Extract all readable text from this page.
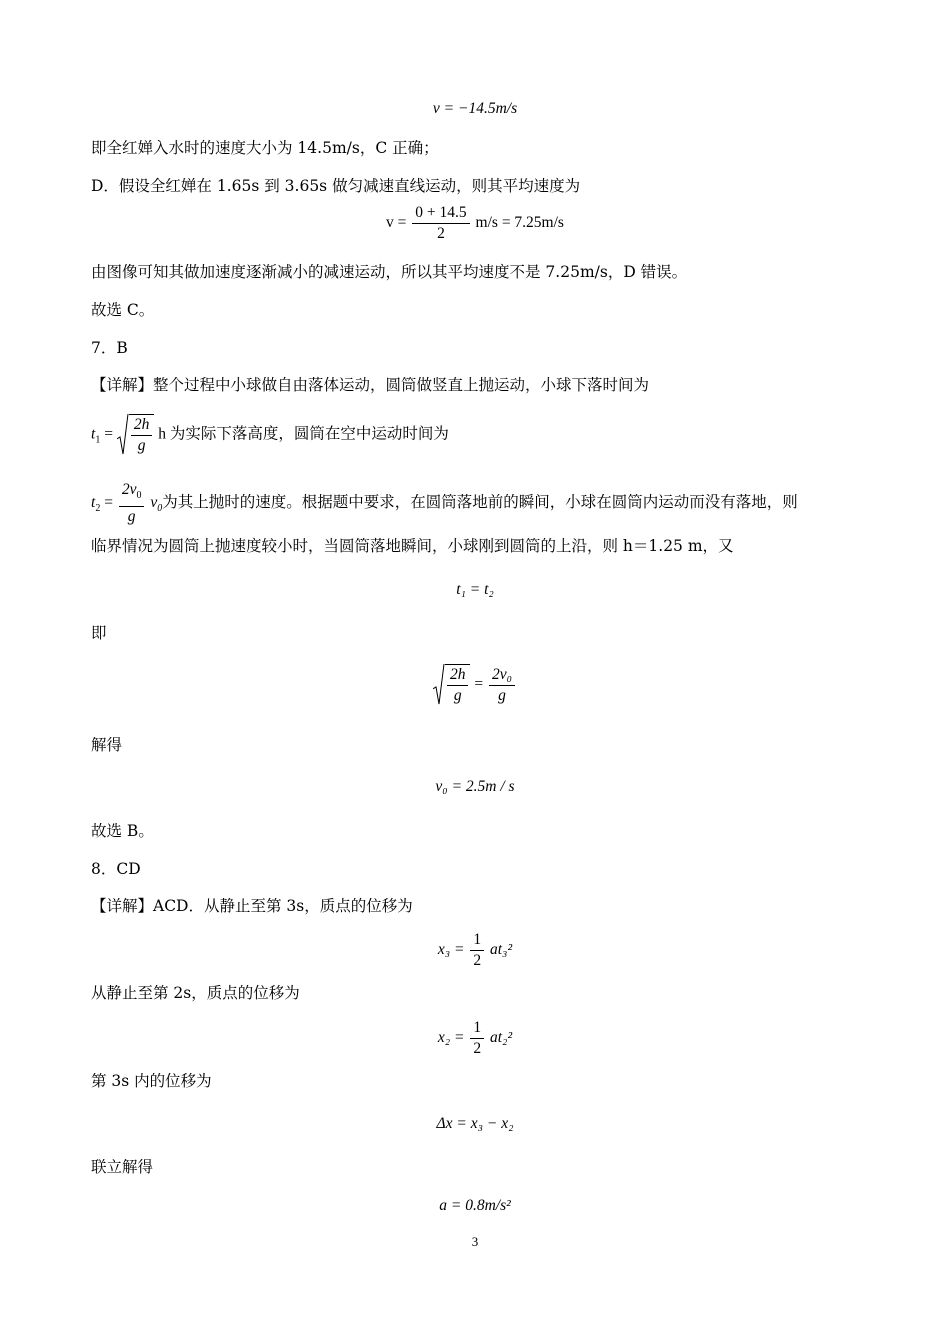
v = −14.5m/s
即全红婵入水时的速度大小为 14.5m/s，C 正确；
D．假设全红婵在 1.65s 到 3.65s 做匀减速直线运动，则其平均速度为
$v = \frac{0 + 14.5}{2} m/s = 7.25m/s$
由图像可知其做加速度逐渐减小的减速运动，所以其平均速度不是 7.25m/s，D 错误。
故选 C。
7．B
【详解】整个过程中小球做自由落体运动，圆筒做竖直上抛运动，小球下落时间为
$t_1 = \frac{2h}{g}$ h 为实际下落高度，圆筒在空中运动时间为
$t_2 = \frac{2v_0}{g} v_0$为其上抛时的速度。根据题中要求，在圆筒落地前的瞬间，小球在圆筒内运动而没有落地，则
临界情况为圆筒上抛速度较小时，当圆筒落地瞬间，小球刚到圆筒的上沿，则 h＝1.25 m，又
t₁ = t₂
即
$\frac{2h}{g} = \frac{\text{2v₀}}{g}$
解得
v₀ = 2.5m / s
故选 B。
8．CD
【详解】ACD．从静止至第 3s，质点的位移为
$x_3 = \frac{1}{2} at_3^2$
从静止至第 2s，质点的位移为
$x_2 = \frac{1}{2} at_2^2$
第 3s 内的位移为
Δx = x₃ − x₂
联立解得
a = 0.8m/s²
3
